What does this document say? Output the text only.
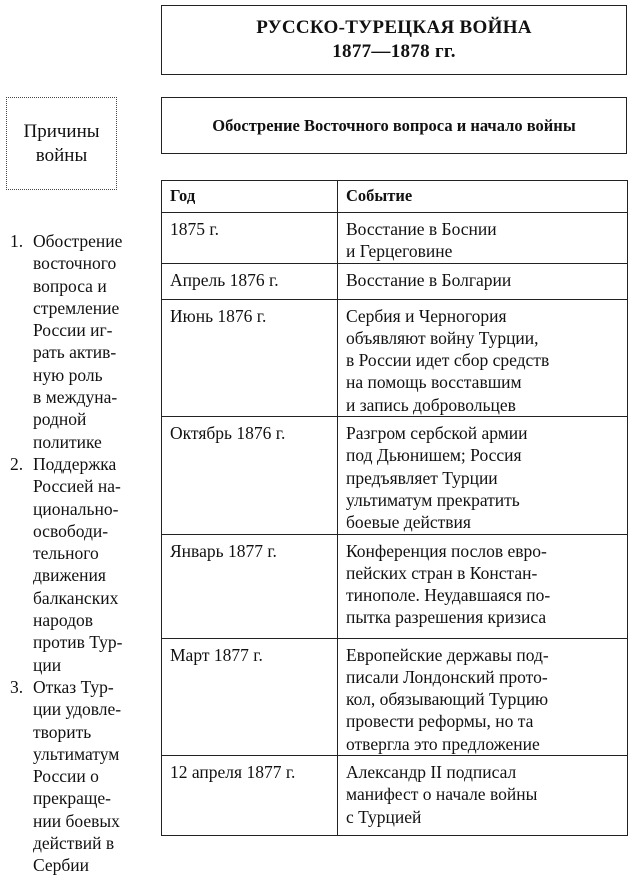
РУССКО-ТУРЕЦКАЯ ВОЙНА
1877—1878 гг.
Причины
войны
Обострение Восточного вопроса и начало войны
1. Обострение
восточного
вопроса и
стремление
России иг-
рать актив-
ную роль
в междуна-
родной
политике
2. Поддержка
Россией на-
ционально-
освободи-
тельного
движения
балканских
народов
против Тур-
ции
3. Отказ Тур-
ции удовле-
творить
ультиматум
России о
прекраще-
нии боевых
действий в
Сербии
Год	Событие
1875 г.	Восстание в Боснии
и Герцеговине

Апрель 1876 г.	Восстание в Болгарии

Июнь 1876 г.	Сербия и Черногория
объявляют войну Турции,
в России идет сбор средств
на помощь восставшим
и запись добровольцев

Октябрь 1876 г.	Разгром сербской армии
под Дьюнишем; Россия
предъявляет Турции
ультиматум прекратить
боевые действия

Январь 1877 г.	Конференция послов евро-
пейских стран в Констан-
тинополе. Неудавшаяся по-
пытка разрешения кризиса

Март 1877 г.	Европейские державы под-
писали Лондонский прото-
кол, обязывающий Турцию
провести реформы, но та
отвергла это предложение

12 апреля 1877 г.	Александр II подписал
манифест о начале войны
с Турцией
